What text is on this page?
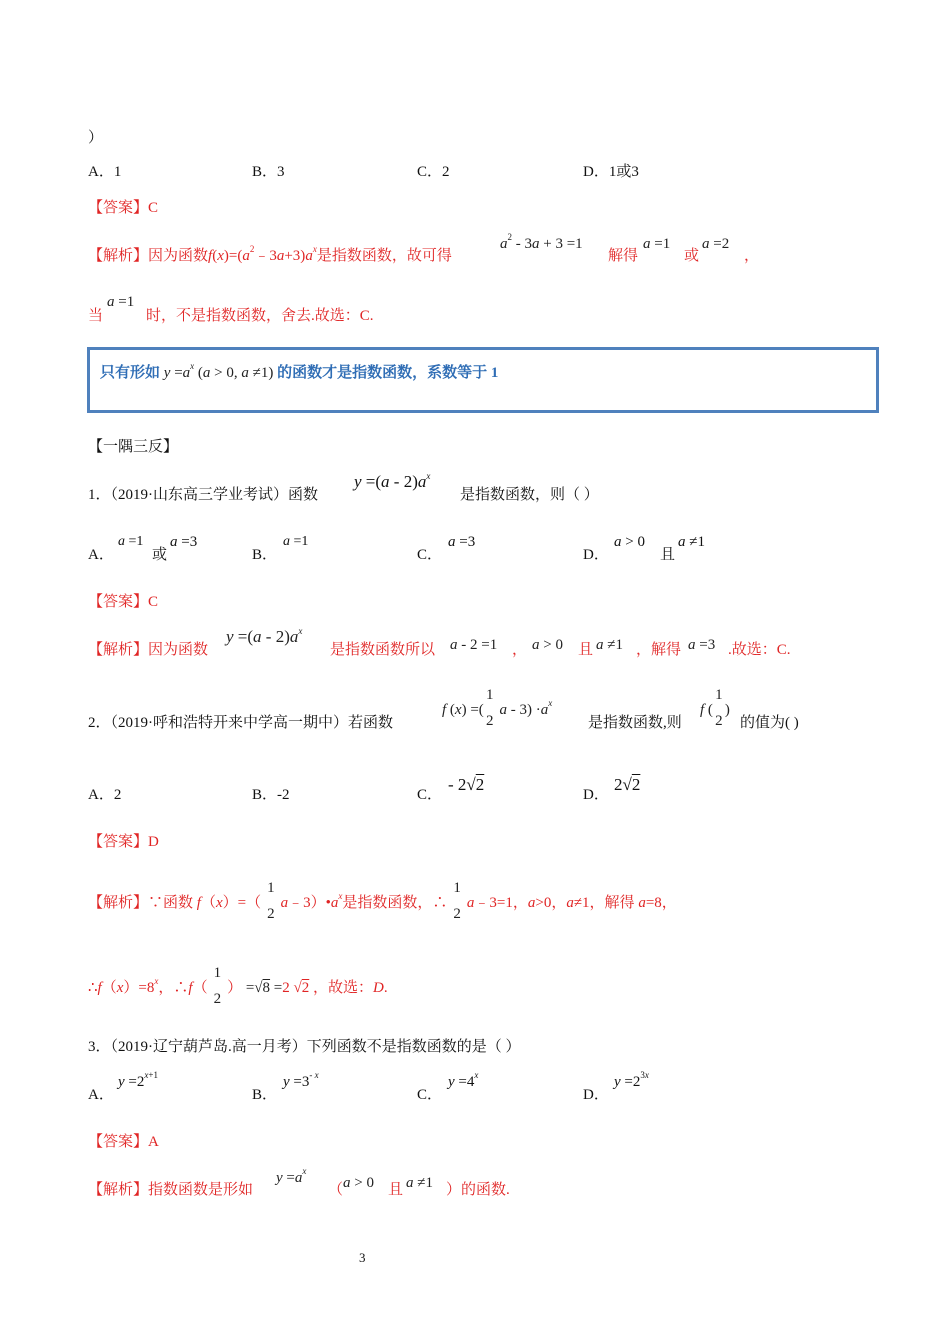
）
A．1	B．3	C．2	D．1或3
【答案】C
【解析】因为函数$f(x)=(a^2﹣3a+3)a^x$是指数函数，故可得
$a^2 - 3a + 3 =1$
解得
a =1
或
a =2
，
当
a =1
时，不是指数函数，舍去.故选：C.
只有形如 $y =a^x$ (a > 0, a ≠1) 的函数才是指数函数，系数等于 1
【一隅三反】
1．（2019·山东高三学业考试）函数
$y =(a - 2)a^x$
是指数函数，则（ ）
A．
a =1
或
a =3
B．
a =1
C．
a =3
D．
a > 0
且
a ≠1
【答案】C
【解析】因为函数
$y =(a - 2)a^x$
是指数函数所以 a - 2 =1 ， a > 0 且 a ≠1 ，解得 a =3 .故选：C.
2．（2019·呼和浩特开来中学高一期中）若函数
f (x) =(
1
2
$a - 3) \cdot a^x$
是指数函数,则
f (
1
2
)
的值为( )
A．2	B．-2	C．
- 2√2
D．
2√2
【答案】D
【解析】∵函数 f（x）=（
1
2
$a﹣3)•a^x$是指数函数，∴
1
2
a﹣3=1，a>0，a≠1，解得 a=8，
$\therefore f(x)=8^x$，∴f（
1
2
） =√8 =2 √2 ，故选：D.
3．（2019·辽宁葫芦岛.高一月考）下列函数不是指数函数的是（ ）
A．
$y =2^{x+1}$
B．
$y =3^{- x}$
C．
$y =4^x$
D．
$y =2^{3x}$
【答案】A
【解析】指数函数是形如
$y =a^x$
（ a > 0 且 a ≠1 ）的函数.
3
